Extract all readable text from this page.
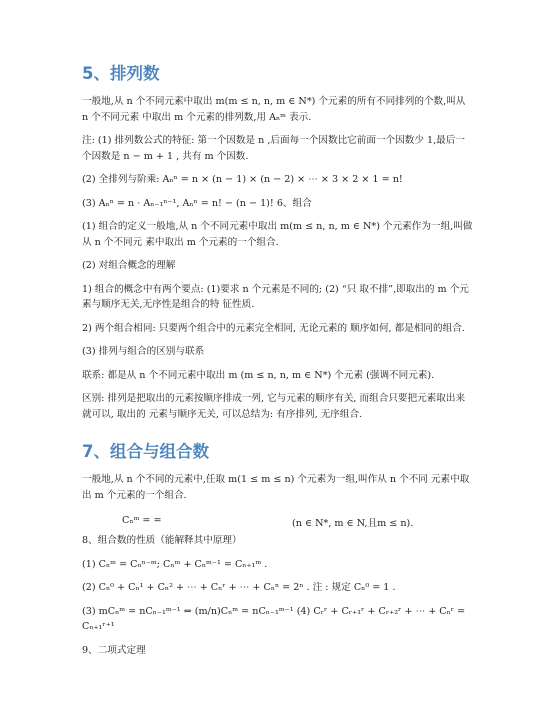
5、排列数

一般地,从 n 个不同元素中取出 m(m ≤ n, n, m ∈ N*) 个元素的所有不同排列的个数,叫从 n 个不同元素 中取出 m 个元素的排列数,用 Aₙᵐ 表示.

注: (1) 排列数公式的特征: 第一个因数是 n ,后面每一个因数比它前面一个因数少 1,最后一个因数是 n − m + 1 , 共有 m 个因数.

(2) 全排列与阶乘: Aₙⁿ = n × (n − 1) × (n − 2) × ⋯ × 3 × 2 × 1 = n!

(3) Aₙⁿ = n · Aₙ₋₁ⁿ⁻¹, Aₙⁿ = n! − (n − 1)! 6、组合

(1) 组合的定义一般地,从 n 个不同元素中取出 m(m ≤ n, n, m ∈ N*) 个元素作为一组,叫做从 n 个不同元 素中取出 m 个元素的一个组合.

(2) 对组合概念的理解

1) 组合的概念中有两个要点: (1)要求 n 个元素是不同的; (2) “只 取不排”,即取出的 m 个元素与顺序无关,无序性是组合的特 征性质.

2) 两个组合相同: 只要两个组合中的元素完全相同, 无论元素的 顺序如何, 都是相同的组合.

(3) 排列与组合的区别与联系

联系: 都是从 n 个不同元素中取出 m (m ≤ n, n, m ∈ N*) 个元素 (强调不同元素).

区别: 排列是把取出的元素按顺序排成一列, 它与元素的顺序有关, 而组合只要把元素取出来就可以, 取出的 元素与顺序无关, 可以总结为: 有序排列, 无序组合.

7、组合与组合数

一般地,从 n 个不同的元素中,任取 m(1 ≤ m ≤ n) 个元素为一组,叫作从 n 个不同 元素中取出 m 个元素的一个组合.

Cₙᵐ = =	(n ∈ N*, m ∈ N,且m ≤ n).

8、组合数的性质（能解释其中原理）

(1) Cₙᵐ = Cₙⁿ⁻ᵐ; Cₙᵐ + Cₙᵐ⁻¹ = Cₙ₊₁ᵐ .

(2) Cₙ⁰ + Cₙ¹ + Cₙ² + ⋯ + Cₙʳ + ⋯ + Cₙⁿ = 2ⁿ . 注 : 规定 Cₙ⁰ = 1 .

(3) mCₙᵐ = nCₙ₋₁ᵐ⁻¹ ⇔ (m/n)Cₙᵐ = nCₙ₋₁ᵐ⁻¹ (4) Cᵣʳ + Cᵣ₊₁ʳ + Cᵣ₊₂ʳ + ⋯ + Cₙʳ = Cₙ₊₁ʳ⁺¹

9、二项式定理
